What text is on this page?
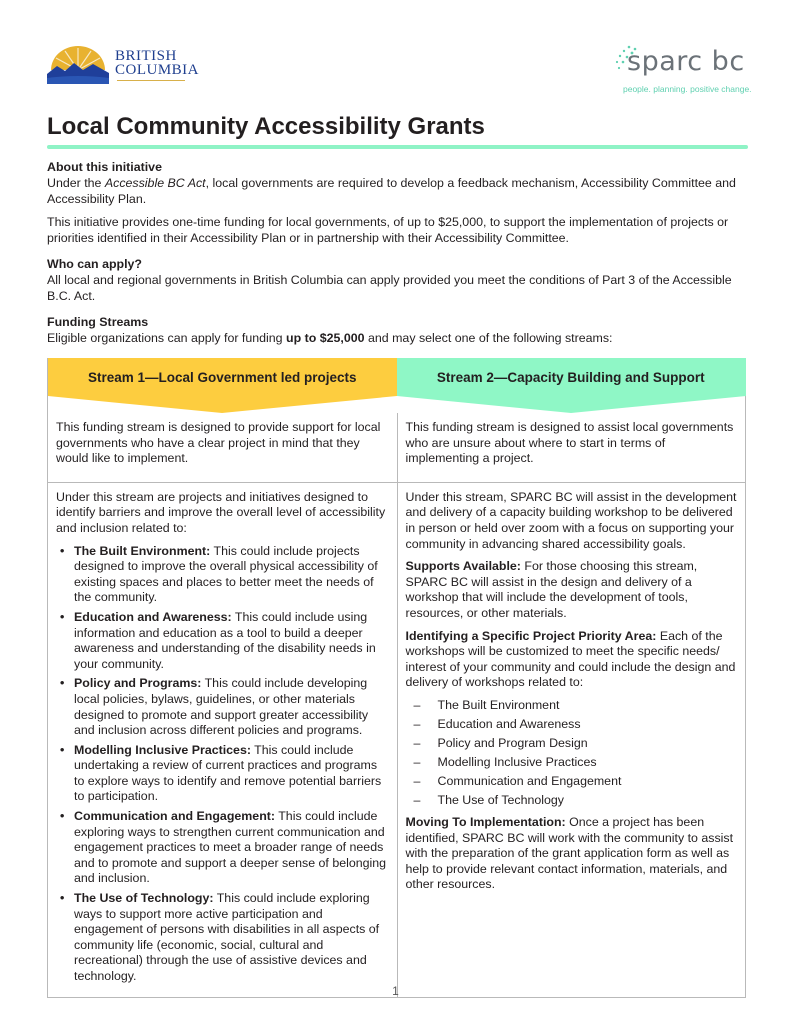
BRITISH
COLUMBIA	sparc bc
people. planning. positive change.
Local Community Accessibility Grants
About this initiative

Under the Accessible BC Act, local governments are required to develop a feedback mechanism, Accessibility Committee and Accessibility Plan.

This initiative provides one-time funding for local governments, of up to $25,000, to support the implementation of projects or priorities identified in their Accessibility Plan or in partnership with their Accessibility Committee.

Who can apply?

All local and regional governments in British Columbia can apply provided you meet the conditions of Part 3 of the Accessible B.C. Act.

Funding Streams

Eligible organizations can apply for funding up to $25,000 and may select one of the following streams:

Stream 1—Local Government led projects	Stream 2—Capacity Building and Support

This funding stream is designed to provide support for local governments who have a clear project in mind that they would like to implement.

This funding stream is designed to assist local governments who are unsure about where to start in terms of implementing a project.

Under this stream are projects and initiatives designed to identify barriers and improve the overall level of accessibility and inclusion related to:

• The Built Environment: This could include projects designed to improve the overall physical accessibility of existing spaces and places to better meet the needs of the community.
• Education and Awareness: This could include using information and education as a tool to build a deeper awareness and understanding of the disability needs in your community.
• Policy and Programs: This could include developing local policies, bylaws, guidelines, or other materials designed to promote and support greater accessibility and inclusion across different policies and programs.
• Modelling Inclusive Practices: This could include undertaking a review of current practices and programs to explore ways to identify and remove potential barriers to participation.
• Communication and Engagement: This could include exploring ways to strengthen current communication and engagement practices to meet a broader range of needs and to promote and support a deeper sense of belonging and inclusion.
• The Use of Technology: This could include exploring ways to support more active participation and engagement of persons with disabilities in all aspects of community life (economic, social, cultural and recreational) through the use of assistive devices and technology.

Under this stream, SPARC BC will assist in the development and delivery of a capacity building workshop to be delivered in person or held over zoom with a focus on supporting your community in advancing shared accessibility goals.

Supports Available: For those choosing this stream, SPARC BC will assist in the design and delivery of a workshop that will include the development of tools, resources, or other materials.

Identifying a Specific Project Priority Area: Each of the workshops will be customized to meet the specific needs/ interest of your community and could include the design and delivery of workshops related to:

– The Built Environment
– Education and Awareness
– Policy and Program Design
– Modelling Inclusive Practices
– Communication and Engagement
– The Use of Technology

Moving To Implementation: Once a project has been identified, SPARC BC will work with the community to assist with the preparation of the grant application form as well as help to provide relevant contact information, materials, and other resources.

1
